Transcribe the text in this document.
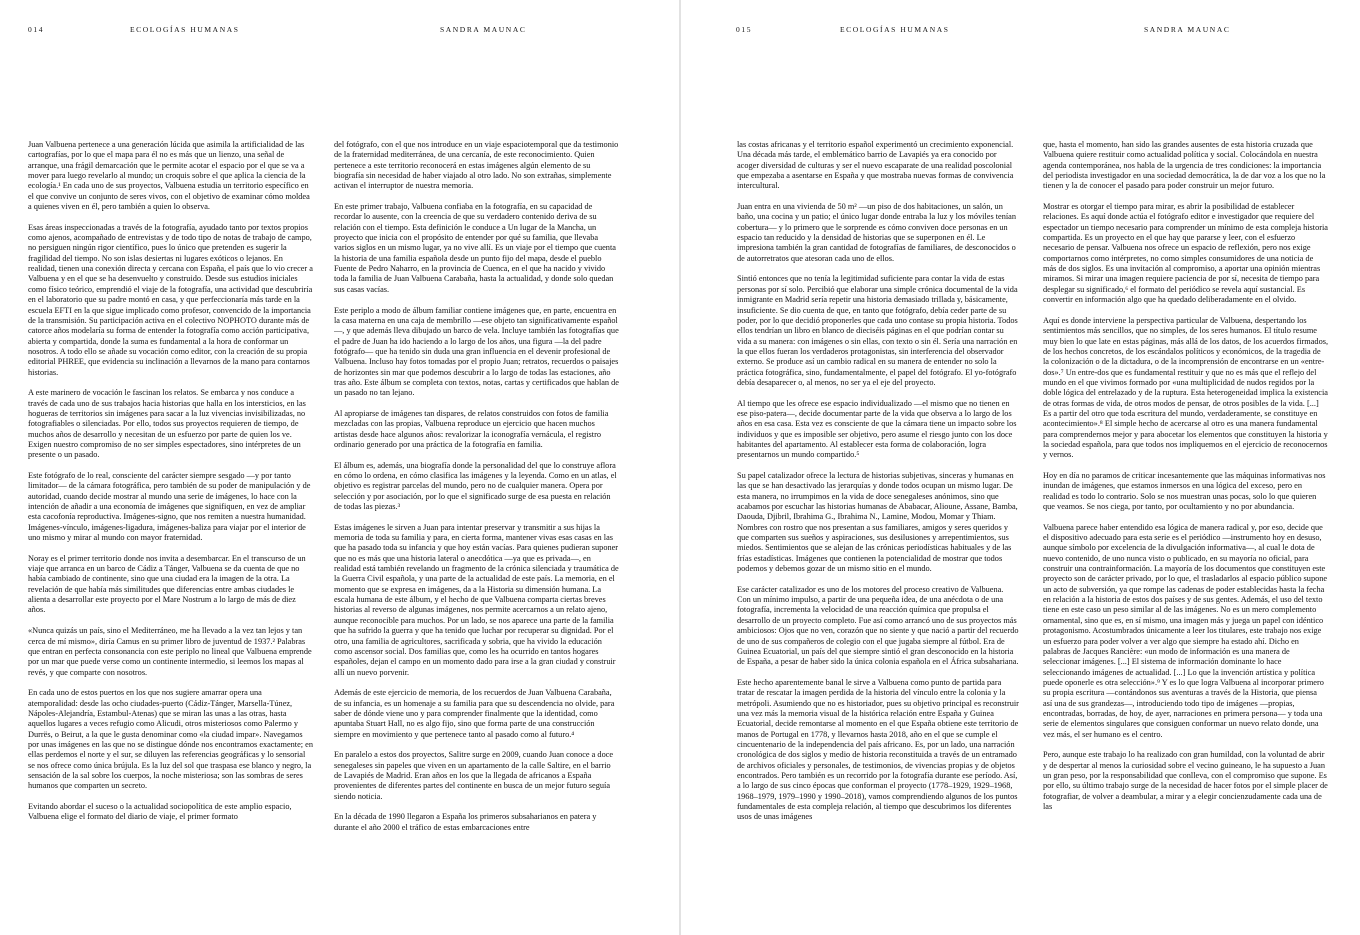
014	ECOLOGÍAS HUMANAS	SANDRA MAUNAC

Juan Valbuena pertenece a una generación lúcida que asimila la artificialidad de las cartografías, por lo que el mapa para él no es más que un lienzo, una señal de arranque, una frágil demarcación que le permite acotar el espacio por el que se va a mover para luego revelarlo al mundo; un croquis sobre el que aplica la ciencia de la ecología.¹ En cada uno de sus proyectos, Valbuena estudia un territorio específico en el que convive un conjunto de seres vivos, con el objetivo de examinar cómo moldea a quienes viven en él, pero también a quien lo observa.

Esas áreas inspeccionadas a través de la fotografía, ayudado tanto por textos propios como ajenos, acompañado de entrevistas y de todo tipo de notas de trabajo de campo, no persiguen ningún rigor científico, pues lo único que pretenden es sugerir la fragilidad del tiempo. No son islas desiertas ni lugares exóticos o lejanos. En realidad, tienen una conexión directa y cercana con España, el país que lo vio crecer a Valbuena y en el que se ha desenvuelto y construido. Desde sus estudios iniciales como físico teórico, emprendió el viaje de la fotografía, una actividad que descubriría en el laboratorio que su padre montó en casa, y que perfeccionaría más tarde en la escuela EFTI en la que sigue implicado como profesor, convencido de la importancia de la transmisión. Su participación activa en el colectivo NOPHOTO durante más de catorce años modelaría su forma de entender la fotografía como acción participativa, abierta y compartida, donde la suma es fundamental a la hora de conformar un nosotros. A todo ello se añade su vocación como editor, con la creación de su propia editorial PHREE, que evidencia su inclinación a llevarnos de la mano para contarnos historias.

A este marinero de vocación le fascinan los relatos. Se embarca y nos conduce a través de cada uno de sus trabajos hacia historias que halla en los intersticios, en las hogueras de territorios sin imágenes para sacar a la luz vivencias invisibilizadas, no fotografiables o silenciadas. Por ello, todos sus proyectos requieren de tiempo, de muchos años de desarrollo y necesitan de un esfuerzo por parte de quien los ve. Exigen nuestro compromiso de no ser simples espectadores, sino intérpretes de un presente o un pasado.

Este fotógrafo de lo real, consciente del carácter siempre sesgado —y por tanto limitador— de la cámara fotográfica, pero también de su poder de manipulación y de autoridad, cuando decide mostrar al mundo una serie de imágenes, lo hace con la intención de añadir a una economía de imágenes que signifiquen, en vez de ampliar esta cacofonía reproductiva. Imágenes-signo, que nos remiten a nuestra humanidad. Imágenes-vínculo, imágenes-ligadura, imágenes-baliza para viajar por el interior de uno mismo y mirar al mundo con mayor fraternidad.

Noray es el primer territorio donde nos invita a desembarcar. En el transcurso de un viaje que arranca en un barco de Cádiz a Tánger, Valbuena se da cuenta de que no había cambiado de continente, sino que una ciudad era la imagen de la otra. La revelación de que había más similitudes que diferencias entre ambas ciudades le alienta a desarrollar este proyecto por el Mare Nostrum a lo largo de más de diez años.

«Nunca quizás un país, sino el Mediterráneo, me ha llevado a la vez tan lejos y tan cerca de mí mismo», diría Camus en su primer libro de juventud de 1937.² Palabras que entran en perfecta consonancia con este periplo no lineal que Valbuena emprende por un mar que puede verse como un continente intermedio, si leemos los mapas al revés, y que comparte con nosotros.

En cada uno de estos puertos en los que nos sugiere amarrar opera una atemporalidad: desde las ocho ciudades-puerto (Cádiz-Tánger, Marsella-Túnez, Nápoles-Alejandría, Estambul-Atenas) que se miran las unas a las otras, hasta aquellos lugares a veces refugio como Alicudi, otros misteriosos como Palermo y Durrës, o Beirut, a la que le gusta denominar como «la ciudad impar». Navegamos por unas imágenes en las que no se distingue dónde nos encontramos exactamente; en ellas perdemos el norte y el sur, se diluyen las referencias geográficas y lo sensorial se nos ofrece como única brújula. Es la luz del sol que traspasa ese blanco y negro, la sensación de la sal sobre los cuerpos, la noche misteriosa; son las sombras de seres humanos que comparten un secreto.

Evitando abordar el suceso o la actualidad sociopolítica de este amplio espacio, Valbuena elige el formato del diario de viaje, el primer formato

del fotógrafo, con el que nos introduce en un viaje espaciotemporal que da testimonio de la fraternidad mediterránea, de una cercanía, de este reconocimiento. Quien pertenece a este territorio reconocerá en estas imágenes algún elemento de su biografía sin necesidad de haber viajado al otro lado. No son extrañas, simplemente activan el interruptor de nuestra memoria.

En este primer trabajo, Valbuena confiaba en la fotografía, en su capacidad de recordar lo ausente, con la creencia de que su verdadero contenido deriva de su relación con el tiempo. Esta definición le conduce a Un lugar de la Mancha, un proyecto que inicia con el propósito de entender por qué su familia, que llevaba varios siglos en un mismo lugar, ya no vive allí. Es un viaje por el tiempo que cuenta la historia de una familia española desde un punto fijo del mapa, desde el pueblo Fuente de Pedro Naharro, en la provincia de Cuenca, en el que ha nacido y vivido toda la familia de Juan Valbuena Carabaña, hasta la actualidad, y donde solo quedan sus casas vacías.

Este periplo a modo de álbum familiar contiene imágenes que, en parte, encuentra en la casa materna en una caja de membrillo —ese objeto tan significativamente español—, y que además lleva dibujado un barco de vela. Incluye también las fotografías que el padre de Juan ha ido haciendo a lo largo de los años, una figura —la del padre fotógrafo— que ha tenido sin duda una gran influencia en el devenir profesional de Valbuena. Incluso hay fotos tomadas por el propio Juan; retratos, recuerdos o paisajes de horizontes sin mar que podemos descubrir a lo largo de todas las estaciones, año tras año. Este álbum se completa con textos, notas, cartas y certificados que hablan de un pasado no tan lejano.

Al apropiarse de imágenes tan dispares, de relatos construidos con fotos de familia mezcladas con las propias, Valbuena reproduce un ejercicio que hacen muchos artistas desde hace algunos años: revalorizar la iconografía vernácula, el registro ordinario generado por una práctica de la fotografía en familia.

El álbum es, además, una biografía donde la personalidad del que lo construye aflora en cómo lo ordena, en cómo clasifica las imágenes y la leyenda. Como en un atlas, el objetivo es registrar parcelas del mundo, pero no de cualquier manera. Opera por selección y por asociación, por lo que el significado surge de esa puesta en relación de todas las piezas.³

Estas imágenes le sirven a Juan para intentar preservar y transmitir a sus hijas la memoria de toda su familia y para, en cierta forma, mantener vivas esas casas en las que ha pasado toda su infancia y que hoy están vacías. Para quienes pudieran suponer que no es más que una historia lateral o anecdótica —ya que es privada—, en realidad está también revelando un fragmento de la crónica silenciada y traumática de la Guerra Civil española, y una parte de la actualidad de este país. La memoria, en el momento que se expresa en imágenes, da a la Historia su dimensión humana. La escala humana de este álbum, y el hecho de que Valbuena comparta ciertas breves historias al reverso de algunas imágenes, nos permite acercarnos a un relato ajeno, aunque reconocible para muchos. Por un lado, se nos aparece una parte de la familia que ha sufrido la guerra y que ha tenido que luchar por recuperar su dignidad. Por el otro, una familia de agricultores, sacrificada y sobria, que ha vivido la educación como ascensor social. Dos familias que, como les ha ocurrido en tantos hogares españoles, dejan el campo en un momento dado para irse a la gran ciudad y construir allí un nuevo porvenir.

Además de este ejercicio de memoria, de los recuerdos de Juan Valbuena Carabaña, de su infancia, es un homenaje a su familia para que su descendencia no olvide, para saber de dónde viene uno y para comprender finalmente que la identidad, como apuntaba Stuart Hall, no es algo fijo, sino que forma parte de una construcción siempre en movimiento y que pertenece tanto al pasado como al futuro.⁴

En paralelo a estos dos proyectos, Salitre surge en 2009, cuando Juan conoce a doce senegaleses sin papeles que viven en un apartamento de la calle Saltire, en el barrio de Lavapiés de Madrid. Eran años en los que la llegada de africanos a España provenientes de diferentes partes del continente en busca de un mejor futuro seguía siendo noticia.

En la década de 1990 llegaron a España los primeros subsaharianos en patera y durante el año 2000 el tráfico de estas embarcaciones entre

015	ECOLOGÍAS HUMANAS	SANDRA MAUNAC

las costas africanas y el territorio español experimentó un crecimiento exponencial. Una década más tarde, el emblemático barrio de Lavapiés ya era conocido por acoger diversidad de culturas y ser el nuevo escaparate de una realidad poscolonial que empezaba a asentarse en España y que mostraba nuevas formas de convivencia intercultural.

Juan entra en una vivienda de 50 m² —un piso de dos habitaciones, un salón, un baño, una cocina y un patio; el único lugar donde entraba la luz y los móviles tenían cobertura— y lo primero que le sorprende es cómo conviven doce personas en un espacio tan reducido y la densidad de historias que se superponen en él. Le impresiona también la gran cantidad de fotografías de familiares, de desconocidos o de autorretratos que atesoran cada uno de ellos.

Sintió entonces que no tenía la legitimidad suficiente para contar la vida de estas personas por sí solo. Percibió que elaborar una simple crónica documental de la vida inmigrante en Madrid sería repetir una historia demasiado trillada y, básicamente, insuficiente. Se dio cuenta de que, en tanto que fotógrafo, debía ceder parte de su poder, por lo que decidió proponerles que cada uno contase su propia historia. Todos ellos tendrían un libro en blanco de dieciséis páginas en el que podrían contar su vida a su manera: con imágenes o sin ellas, con texto o sin él. Sería una narración en la que ellos fueran los verdaderos protagonistas, sin interferencia del observador externo. Se produce así un cambio radical en su manera de entender no solo la práctica fotográfica, sino, fundamentalmente, el papel del fotógrafo. El yo-fotógrafo debía desaparecer o, al menos, no ser ya el eje del proyecto.

Al tiempo que les ofrece ese espacio individualizado —el mismo que no tienen en ese piso-patera—, decide documentar parte de la vida que observa a lo largo de los años en esa casa. Esta vez es consciente de que la cámara tiene un impacto sobre los individuos y que es imposible ser objetivo, pero asume el riesgo junto con los doce habitantes del apartamento. Al establecer esta forma de colaboración, logra presentarnos un mundo compartido.⁵

Su papel catalizador ofrece la lectura de historias subjetivas, sinceras y humanas en las que se han desactivado las jerarquías y donde todos ocupan un mismo lugar. De esta manera, no irrumpimos en la vida de doce senegaleses anónimos, sino que acabamos por escuchar las historias humanas de Ababacar, Alioune, Assane, Bamba, Daouda, Djibril, Ibrahima G., Ibrahima N., Lamine, Modou, Momar y Thiam. Nombres con rostro que nos presentan a sus familiares, amigos y seres queridos y que comparten sus sueños y aspiraciones, sus desilusiones y arrepentimientos, sus miedos. Sentimientos que se alejan de las crónicas periodísticas habituales y de las frías estadísticas. Imágenes que contienen la potencialidad de mostrar que todos podemos y debemos gozar de un mismo sitio en el mundo.

Ese carácter catalizador es uno de los motores del proceso creativo de Valbuena. Con un mínimo impulso, a partir de una pequeña idea, de una anécdota o de una fotografía, incrementa la velocidad de una reacción química que propulsa el desarrollo de un proyecto completo. Fue así como arrancó uno de sus proyectos más ambiciosos: Ojos que no ven, corazón que no siente y que nació a partir del recuerdo de uno de sus compañeros de colegio con el que jugaba siempre al fútbol. Era de Guinea Ecuatorial, un país del que siempre sintió el gran desconocido en la historia de España, a pesar de haber sido la única colonia española en el África subsahariana.

Este hecho aparentemente banal le sirve a Valbuena como punto de partida para tratar de rescatar la imagen perdida de la historia del vínculo entre la colonia y la metrópoli. Asumiendo que no es historiador, pues su objetivo principal es reconstruir una vez más la memoria visual de la histórica relación entre España y Guinea Ecuatorial, decide remontarse al momento en el que España obtiene este territorio de manos de Portugal en 1778, y llevarnos hasta 2018, año en el que se cumple el cincuentenario de la independencia del país africano. Es, por un lado, una narración cronológica de dos siglos y medio de historia reconstituida a través de un entramado de archivos oficiales y personales, de testimonios, de vivencias propias y de objetos encontrados. Pero también es un recorrido por la fotografía durante ese período. Así, a lo largo de sus cinco épocas que conforman el proyecto (1778–1929, 1929–1968, 1968–1979, 1979–1990 y 1990–2018), vamos comprendiendo algunos de los puntos fundamentales de esta compleja relación, al tiempo que descubrimos los diferentes usos de unas imágenes

que, hasta el momento, han sido las grandes ausentes de esta historia cruzada que Valbuena quiere restituir como actualidad política y social. Colocándola en nuestra agenda contemporánea, nos habla de la urgencia de tres condiciones: la importancia del periodista investigador en una sociedad democrática, la de dar voz a los que no la tienen y la de conocer el pasado para poder construir un mejor futuro.

Mostrar es otorgar el tiempo para mirar, es abrir la posibilidad de establecer relaciones. Es aquí donde actúa el fotógrafo editor e investigador que requiere del espectador un tiempo necesario para comprender un mínimo de esta compleja historia compartida. Es un proyecto en el que hay que pararse y leer, con el esfuerzo necesario de pensar. Valbuena nos ofrece un espacio de reflexión, pero nos exige comportarnos como intérpretes, no como simples consumidores de una noticia de más de dos siglos. Es una invitación al compromiso, a aportar una opinión mientras miramos. Si mirar una imagen requiere paciencia de por sí, necesita de tiempo para desplegar su significado,⁶ el formato del periódico se revela aquí sustancial. Es convertir en información algo que ha quedado deliberadamente en el olvido.

Aquí es donde interviene la perspectiva particular de Valbuena, despertando los sentimientos más sencillos, que no simples, de los seres humanos. El título resume muy bien lo que late en estas páginas, más allá de los datos, de los acuerdos firmados, de los hechos concretos, de los escándalos políticos y económicos, de la tragedia de la colonización o de la dictadura, o de la incomprensión de encontrarse en un «entre-dos».⁷ Un entre-dos que es fundamental restituir y que no es más que el reflejo del mundo en el que vivimos formado por «una multiplicidad de nudos regidos por la doble lógica del entrelazado y de la ruptura. Esta heterogeneidad implica la existencia de otras formas de vida, de otros modos de pensar, de otros posibles de la vida. [...] Es a partir del otro que toda escritura del mundo, verdaderamente, se constituye en acontecimiento».⁸ El simple hecho de acercarse al otro es una manera fundamental para comprendernos mejor y para abocetar los elementos que constituyen la historia y la sociedad española, para que todos nos impliquemos en el ejercicio de reconocernos y vernos.

Hoy en día no paramos de criticar incesantemente que las máquinas informativas nos inundan de imágenes, que estamos inmersos en una lógica del exceso, pero en realidad es todo lo contrario. Solo se nos muestran unas pocas, solo lo que quieren que veamos. Se nos ciega, por tanto, por ocultamiento y no por abundancia.

Valbuena parece haber entendido esa lógica de manera radical y, por eso, decide que el dispositivo adecuado para esta serie es el periódico —instrumento hoy en desuso, aunque símbolo por excelencia de la divulgación informativa—, al cual le dota de nuevo contenido, de uno nunca visto o publicado, en su mayoría no oficial, para construir una contrainformación. La mayoría de los documentos que constituyen este proyecto son de carácter privado, por lo que, el trasladarlos al espacio público supone un acto de subversión, ya que rompe las cadenas de poder establecidas hasta la fecha en relación a la historia de estos dos países y de sus gentes. Además, el uso del texto tiene en este caso un peso similar al de las imágenes. No es un mero complemento ornamental, sino que es, en sí mismo, una imagen más y juega un papel con idéntico protagonismo. Acostumbrados únicamente a leer los titulares, este trabajo nos exige un esfuerzo para poder volver a ver algo que siempre ha estado ahí. Dicho en palabras de Jacques Rancière: «un modo de información es una manera de seleccionar imágenes. [...] El sistema de información dominante lo hace seleccionando imágenes de actualidad. [...] Lo que la invención artística y política puede oponerle es otra selección».⁹ Y es lo que logra Valbuena al incorporar primero su propia escritura —contándonos sus aventuras a través de la Historia, que piensa así una de sus grandezas—, introduciendo todo tipo de imágenes —propias, encontradas, borradas, de hoy, de ayer, narraciones en primera persona— y toda una serie de elementos singulares que consiguen conformar un nuevo relato donde, una vez más, el ser humano es el centro.

Pero, aunque este trabajo lo ha realizado con gran humildad, con la voluntad de abrir y de despertar al menos la curiosidad sobre el vecino guineano, le ha supuesto a Juan un gran peso, por la responsabilidad que conlleva, con el compromiso que supone. Es por ello, su último trabajo surge de la necesidad de hacer fotos por el simple placer de fotografiar, de volver a deambular, a mirar y a elegir concienzudamente cada una de las
